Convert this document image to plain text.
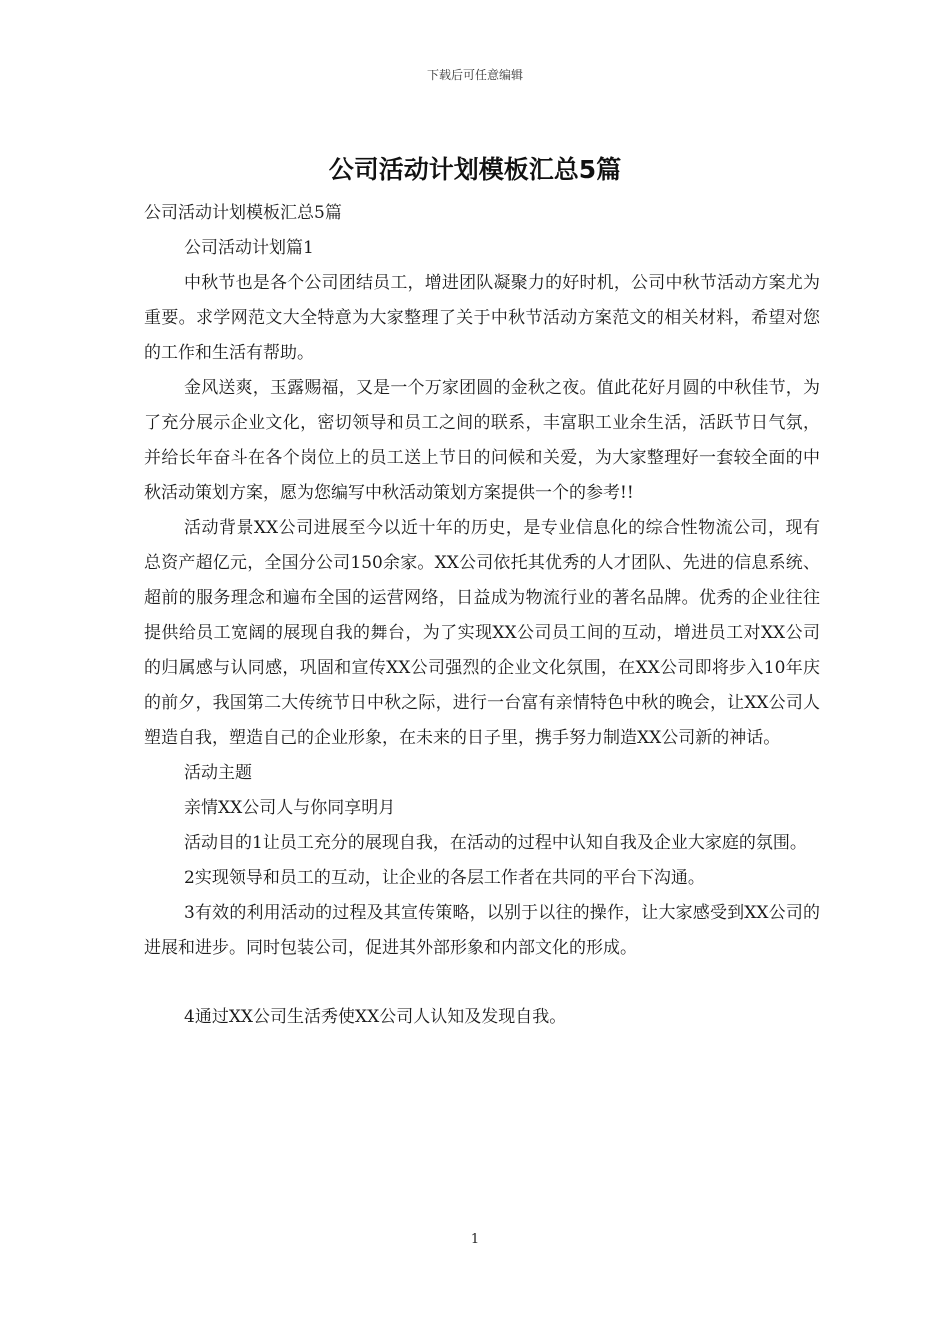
下载后可任意编辑
公司活动计划模板汇总5篇

公司活动计划模板汇总5篇

公司活动计划篇1

中秋节也是各个公司团结员工，增进团队凝聚力的好时机，公司中秋节活动方案尤为重要。求学网范文大全特意为大家整理了关于中秋节活动方案范文的相关材料，希望对您的工作和生活有帮助。

金风送爽，玉露赐福，又是一个万家团圆的金秋之夜。值此花好月圆的中秋佳节，为了充分展示企业文化，密切领导和员工之间的联系，丰富职工业余生活，活跃节日气氛，并给长年奋斗在各个岗位上的员工送上节日的问候和关爱，为大家整理好一套较全面的中秋活动策划方案，愿为您编写中秋活动策划方案提供一个的参考!!

活动背景XX公司进展至今以近十年的历史，是专业信息化的综合性物流公司，现有总资产超亿元，全国分公司150余家。XX公司依托其优秀的人才团队、先进的信息系统、超前的服务理念和遍布全国的运营网络，日益成为物流行业的著名品牌。优秀的企业往往提供给员工宽阔的展现自我的舞台，为了实现XX公司员工间的互动，增进员工对XX公司的归属感与认同感，巩固和宣传XX公司强烈的企业文化氛围，在XX公司即将步入10年庆的前夕，我国第二大传统节日中秋之际，进行一台富有亲情特色中秋的晚会，让XX公司人塑造自我，塑造自己的企业形象，在未来的日子里，携手努力制造XX公司新的神话。

活动主题

亲情XX公司人与你同享明月

活动目的1让员工充分的展现自我，在活动的过程中认知自我及企业大家庭的氛围。

2实现领导和员工的互动，让企业的各层工作者在共同的平台下沟通。

3有效的利用活动的过程及其宣传策略，以别于以往的操作，让大家感受到XX公司的进展和进步。同时包装公司，促进其外部形象和内部文化的形成。

4通过XX公司生活秀使XX公司人认知及发现自我。

1
